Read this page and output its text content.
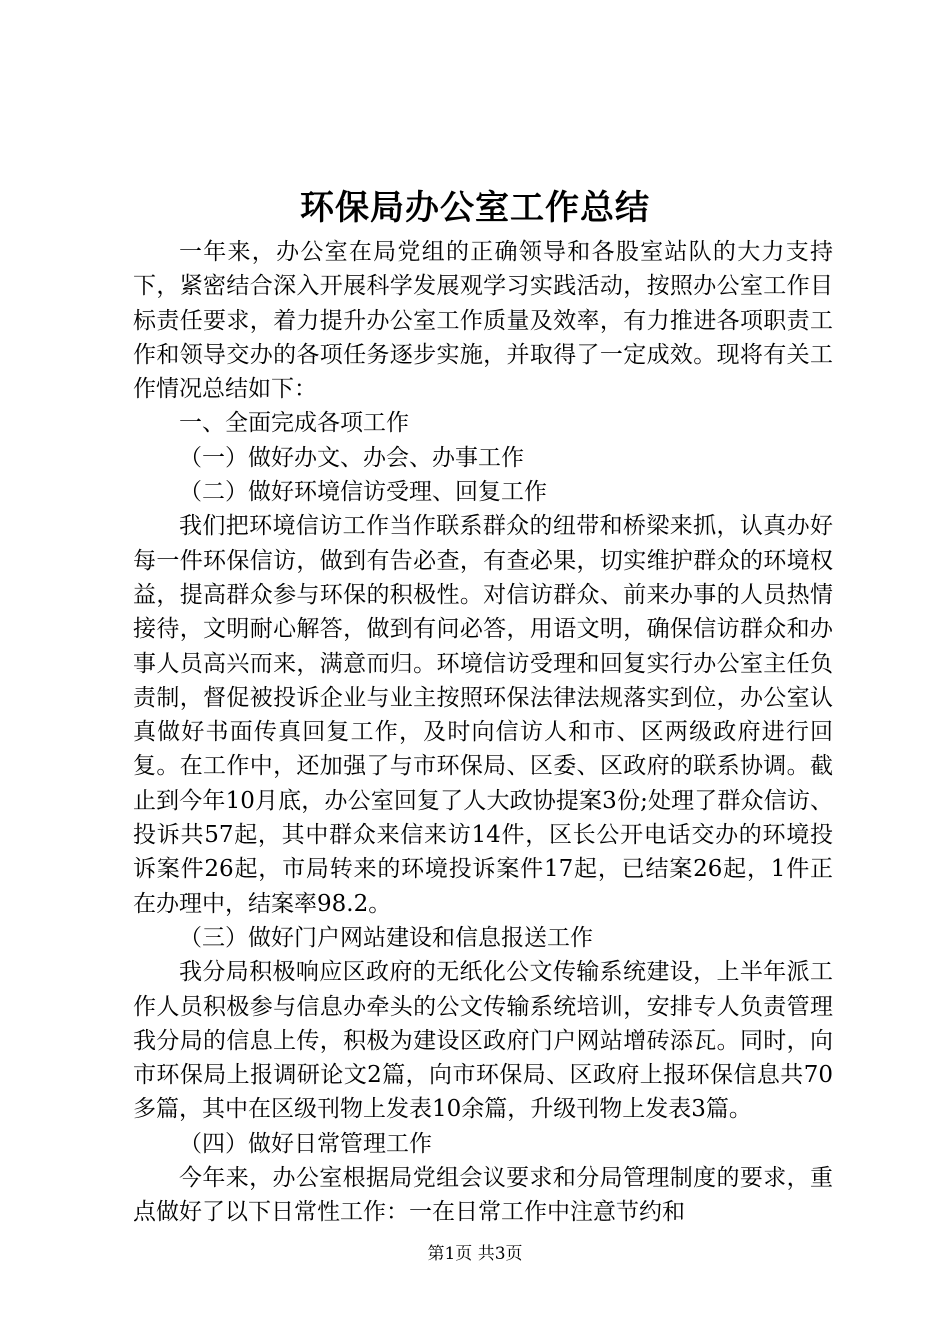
环保局办公室工作总结

一年来，办公室在局党组的正确领导和各股室站队的大力支持下，紧密结合深入开展科学发展观学习实践活动，按照办公室工作目标责任要求，着力提升办公室工作质量及效率，有力推进各项职责工作和领导交办的各项任务逐步实施，并取得了一定成效。现将有关工作情况总结如下：

一、全面完成各项工作

（一）做好办文、办会、办事工作

（二）做好环境信访受理、回复工作

我们把环境信访工作当作联系群众的纽带和桥梁来抓，认真办好每一件环保信访，做到有告必查，有查必果，切实维护群众的环境权益，提高群众参与环保的积极性。对信访群众、前来办事的人员热情接待，文明耐心解答，做到有问必答，用语文明，确保信访群众和办事人员高兴而来，满意而归。环境信访受理和回复实行办公室主任负责制，督促被投诉企业与业主按照环保法律法规落实到位，办公室认真做好书面传真回复工作，及时向信访人和市、区两级政府进行回复。在工作中，还加强了与市环保局、区委、区政府的联系协调。截止到今年10月底，办公室回复了人大政协提案3份;处理了群众信访、投诉共57起，其中群众来信来访14件，区长公开电话交办的环境投诉案件26起，市局转来的环境投诉案件17起，已结案26起，1件正在办理中，结案率98.2。

（三）做好门户网站建设和信息报送工作

我分局积极响应区政府的无纸化公文传输系统建设，上半年派工作人员积极参与信息办牵头的公文传输系统培训，安排专人负责管理我分局的信息上传，积极为建设区政府门户网站增砖添瓦。同时，向市环保局上报调研论文2篇，向市环保局、区政府上报环保信息共70多篇，其中在区级刊物上发表10余篇，升级刊物上发表3篇。

（四）做好日常管理工作

今年来，办公室根据局党组会议要求和分局管理制度的要求，重点做好了以下日常性工作：一在日常工作中注意节约和

第1页 共3页
